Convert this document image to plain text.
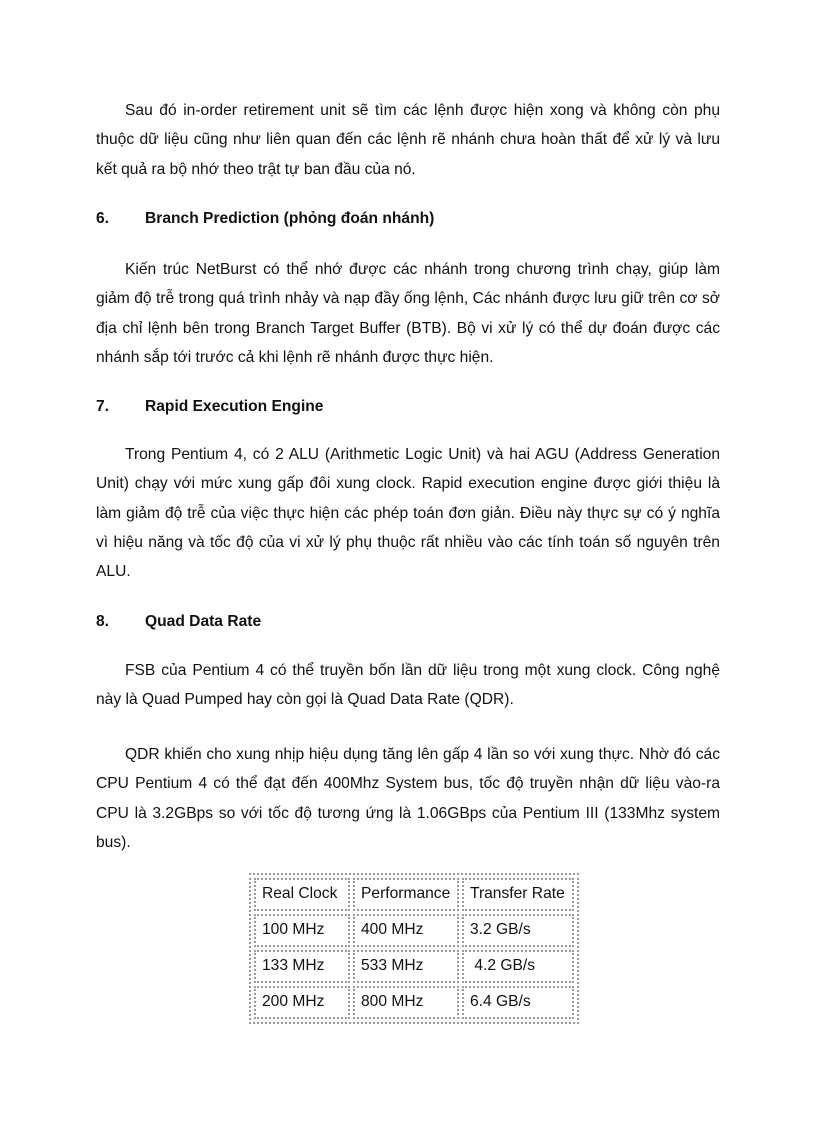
Sau đó in-order retirement unit sẽ tìm các lệnh được hiện xong và không còn phụ thuộc dữ liệu cũng như liên quan đến các lệnh rẽ nhánh chưa hoàn thất để xử lý và lưu kết quả ra bộ nhớ theo trật tự ban đầu của nó.

6. Branch Prediction (phỏng đoán nhánh)

Kiến trúc NetBurst có thể nhớ được các nhánh trong chương trình chạy, giúp làm giảm độ trễ trong quá trình nhảy và nạp đầy ống lệnh, Các nhánh được lưu giữ trên cơ sở địa chỉ lệnh bên trong Branch Target Buffer (BTB). Bộ vi xử lý có thể dự đoán được các nhánh sắp tới trước cả khi lệnh rẽ nhánh được thực hiện.

7. Rapid Execution Engine

Trong Pentium 4, có 2 ALU (Arithmetic Logic Unit) và hai AGU (Address Generation Unit) chạy với mức xung gấp đôi xung clock. Rapid execution engine được giới thiệu là làm giảm độ trễ của việc thực hiện các phép toán đơn giản. Điều này thực sự có ý nghĩa vì hiệu năng và tốc độ của vi xử lý phụ thuộc rất nhiều vào các tính toán số nguyên trên ALU.

8. Quad Data Rate

FSB của Pentium 4 có thể truyền bốn lần dữ liệu trong một xung clock. Công nghệ này là Quad Pumped hay còn gọi là Quad Data Rate (QDR).

QDR khiến cho xung nhịp hiệu dụng tăng lên gấp 4 lần so với xung thực. Nhờ đó các CPU Pentium 4 có thể đạt đến 400Mhz System bus, tốc độ truyền nhận dữ liệu vào-ra CPU là 3.2GBps so với tốc độ tương ứng là 1.06GBps của Pentium III (133Mhz system bus).

Real Clock	Performance	Transfer Rate
100 MHz	400 MHz	3.2 GB/s
133 MHz	533 MHz	4.2 GB/s
200 MHz	800 MHz	6.4 GB/s
